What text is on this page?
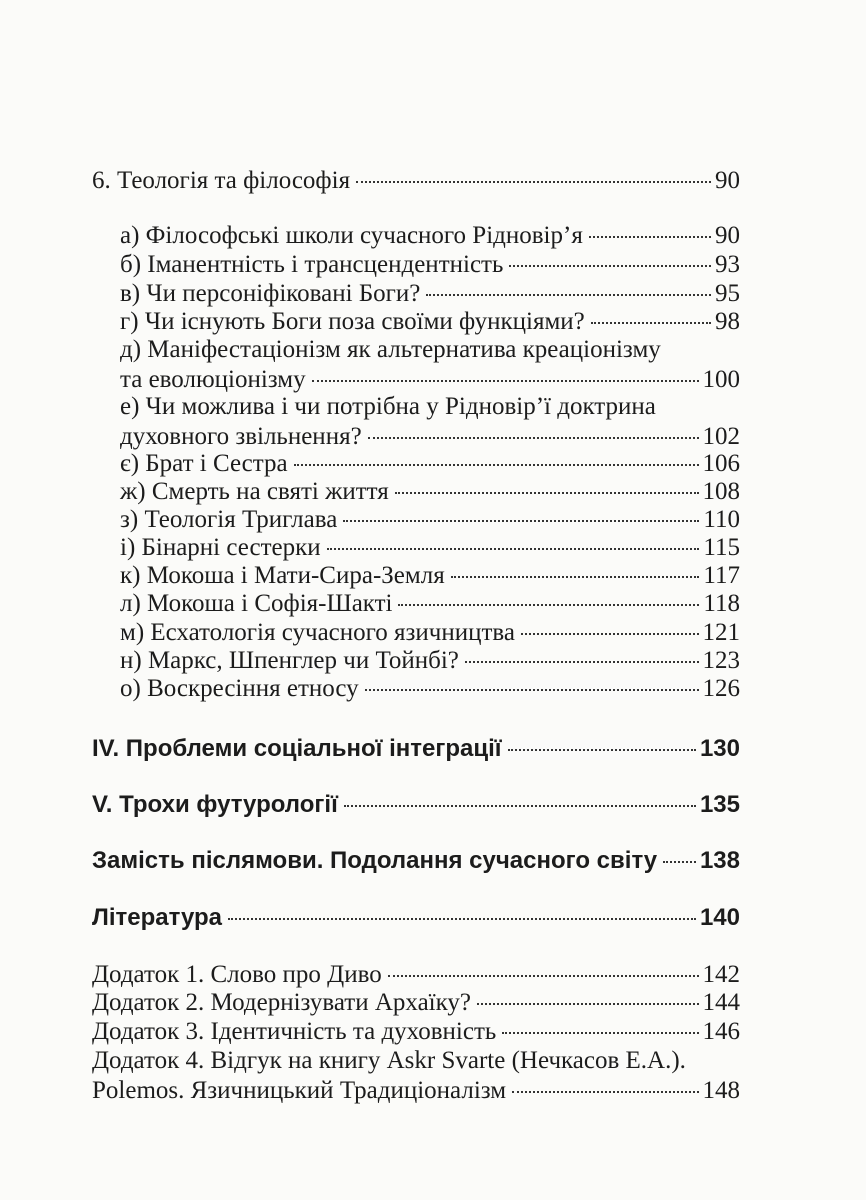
6. Теологія та філософія	90
а) Філософські школи сучасного Рідновір’я	90
б) Іманентність і трансцендентність	93
в) Чи персоніфіковані Боги?	95
г) Чи існують Боги поза своїми функціями?	98
д) Маніфестаціонізм як альтернатива креаціонізму
та еволюціонізму	100
е) Чи можлива і чи потрібна у Рідновір’ї доктрина
духовного звільнення?	102
є) Брат і Сестра	106
ж) Смерть на святі життя	108
з) Теологія Триглава	110
і) Бінарні сестерки	115
к) Мокоша і Мати-Сира-Земля	117
л) Мокоша і Софія-Шакті	118
м) Есхатологія сучасного язичництва	121
н) Маркс, Шпенглер чи Тойнбі?	123
о) Воскресіння етносу	126
IV. Проблеми соціальної інтеграції	130
V. Трохи футурології	135
Замість післямови. Подолання сучасного світу 138
Література	140
Додаток 1. Слово про Диво	142
Додаток 2. Модернізувати Архаїку?	144
Додаток 3. Ідентичність та духовність	146
Додаток 4. Відгук на книгу Askr Svarte (Нечкасов Е.А.).
Polemos. Язичницький Традиціоналізм	148
